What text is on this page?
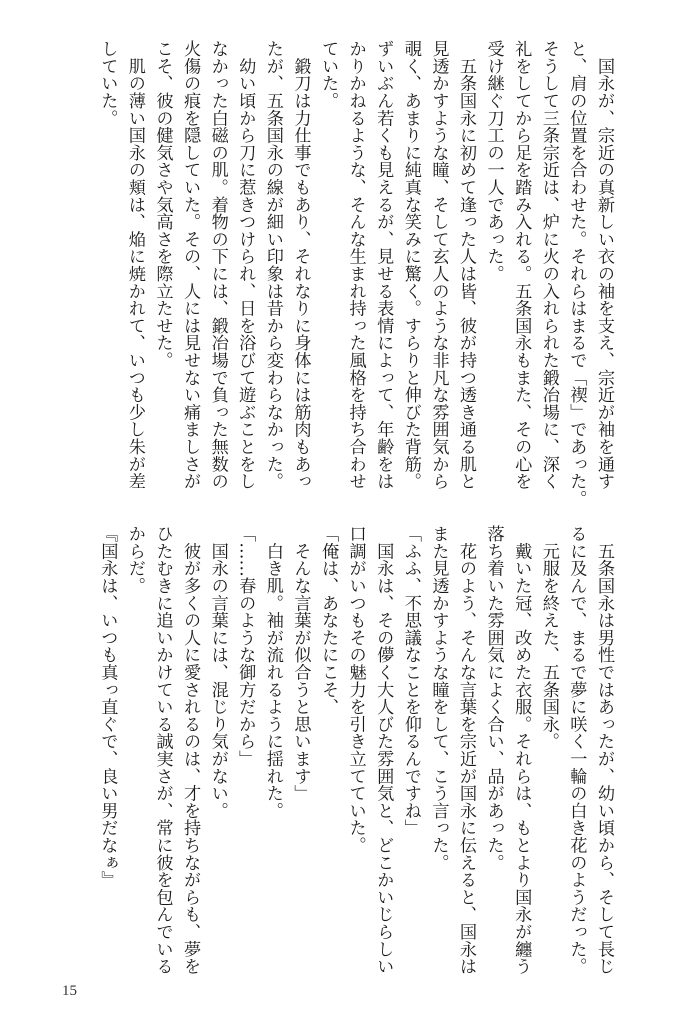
　国永が、宗近の真新しい衣の袖を支え、宗近が袖を通す
と、肩の位置を合わせた。それらはまるで「禊」であった。
そうして三条宗近は、炉に火の入れられた鍛冶場に、深く
礼をしてから足を踏み入れる。五条国永もまた、その心を
受け継ぐ刀工の一人であった。
　五条国永に初めて逢った人は皆、彼が持つ透き通る肌と
見透かすような瞳、そして玄人のような非凡な雰囲気から
覗く、あまりに純真な笑みに驚く。すらりと伸びた背筋。
ずいぶん若くも見えるが、見せる表情によって、年齢をは
かりかねるような、そんな生まれ持った風格を持ち合わせ
ていた。
　鍛刀は力仕事でもあり、それなりに身体には筋肉もあっ
たが、五条国永の線が細い印象は昔から変わらなかった。
　幼い頃から刀に惹きつけられ、日を浴びて遊ぶことをし
なかった白磁の肌。着物の下には、鍛冶場で負った無数の
火傷の痕を隠していた。その、人には見せない痛ましさが
こそ、彼の健気さや気高さを際立たせた。
　肌の薄い国永の頬は、焔に焼かれて、いつも少し朱が差
していた。
　五条国永は男性ではあったが、幼い頃から、そして長じ
るに及んで、まるで夢に咲く一輪の白き花のようだった。
　元服を終えた、五条国永。
　戴いた冠、改めた衣服。それらは、もとより国永が纏う
落ち着いた雰囲気によく合い、品があった。
　花のよう、そんな言葉を宗近が国永に伝えると、国永は
また見透かすような瞳をして、こう言った。
「ふふ、不思議なことを仰るんですね」
　国永は、その儚く大人びた雰囲気と、どこかいじらしい
口調がいつもその魅力を引き立てていた。
「俺は、あなたにこそ、
　そんな言葉が似合うと思います」
　白き肌。袖が流れるように揺れた。
「……春のような御方だから」
　国永の言葉には、混じり気がない。
　彼が多くの人に愛されるのは、才を持ちながらも、夢を
ひたむきに追いかけている誠実さが、常に彼を包んでいる
からだ。
『国永は、いつも真っ直ぐで、良い男だなぁ』
15
